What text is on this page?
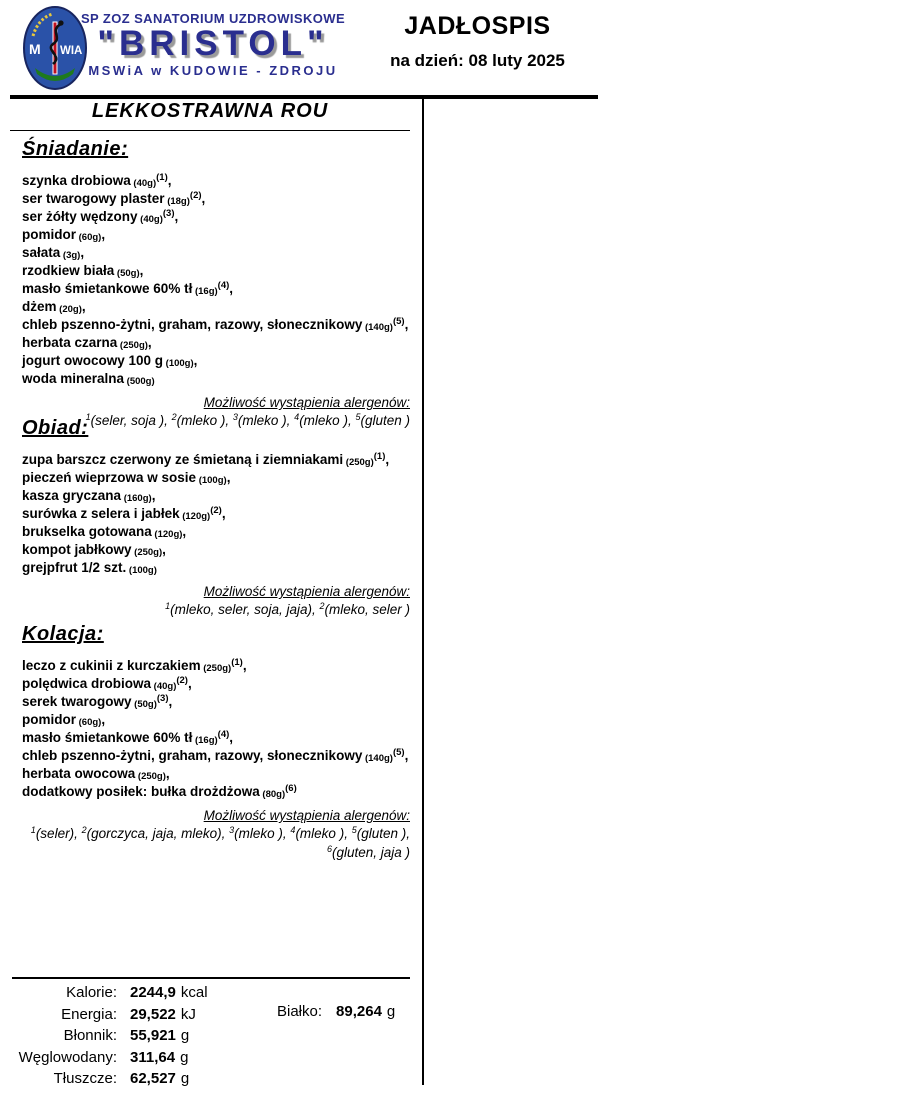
M WIA
SP ZOZ SANATORIUM UZDROWISKOWE
"BRISTOL"
MSWiA w KUDOWIE - ZDROJU
JADŁOSPIS
na dzień: 08 luty 2025
LEKKOSTRAWNA ROU
Śniadanie:
szynka drobiowa $(40g)^{(1)}$,
ser twarogowy plaster $(18g)^{(2)}$,
ser żółty wędzony $(40g)^{(3)}$,
pomidor (60g),
sałata (3g),
rzodkiew biała (50g),
masło śmietankowe 60% tł $(16g)^{(4)}$,
dżem (20g),
chleb pszenno-żytni, graham, razowy, słonecznikowy $(140g)^{(5)}$,
herbata czarna (250g),
jogurt owocowy 100 g (100g),
woda mineralna (500g)
Możliwość wystąpienia alergenów:
$^1$(seler, soja ), $^2$(mleko ), $^3$(mleko ), $^4$(mleko ), $^5$(gluten )
Obiad:
zupa barszcz czerwony ze śmietaną i ziemniakami $(250g)^{(1)}$,
pieczeń wieprzowa w sosie (100g),
kasza gryczana (160g),
surówka z selera i jabłek $(120g)^{(2)}$,
brukselka gotowana (120g),
kompot jabłkowy (250g),
grejpfrut 1/2 szt. (100g)
Możliwość wystąpienia alergenów:
$^1$(mleko, seler, soja, jaja), $^2$(mleko, seler )
Kolacja:
leczo z cukinii z kurczakiem $(250g)^{(1)}$,
polędwica drobiowa $(40g)^{(2)}$,
serek twarogowy $(50g)^{(3)}$,
pomidor (60g),
masło śmietankowe 60% tł $(16g)^{(4)}$,
chleb pszenno-żytni, graham, razowy, słonecznikowy $(140g)^{(5)}$,
herbata owocowa (250g),
dodatkowy posiłek: bułka drożdżowa $(80g)^{(6)}$
Możliwość wystąpienia alergenów:
$^1$(seler), $^2$(gorczyca, jaja, mleko), $^3$(mleko ), $^4$(mleko ), $^5$(gluten ),
$^6$(gluten, jaja )
Kalorie: 2244,9 kcal
Energia: 29,522 kJ
Błonnik: 55,921 g
Węglowodany: 311,64 g
Tłuszcze: 62,527 g
Białko: 89,264 g
